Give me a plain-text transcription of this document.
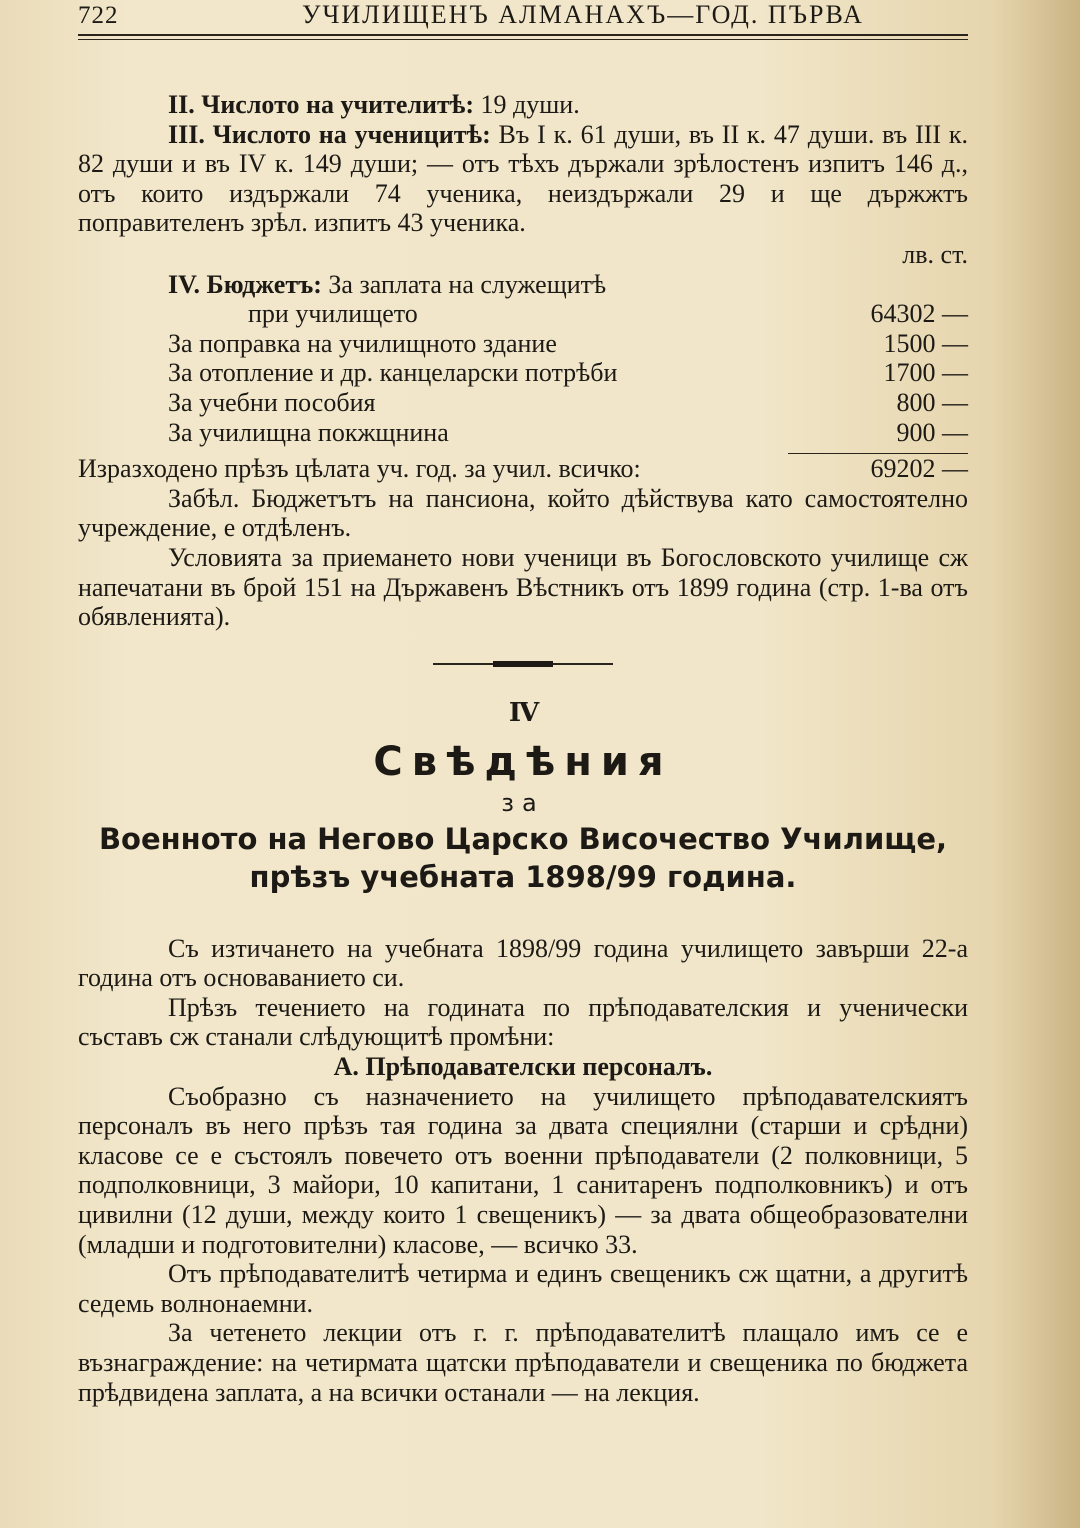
722	УЧИЛИЩЕНЪ АЛМАНАХЪ—ГОД. ПЪРВА

II. Числото на учителитѣ: 19 души.

III. Числото на ученицитѣ: Въ I к. 61 души, въ II к. 47 души. въ III к. 82 души и въ IV к. 149 души; — отъ тѣхъ държали зрѣлостенъ изпитъ 146 д., отъ които издържали 74 ученика, неиздържали 29 и ще държжтъ поправителенъ зрѣл. изпитъ 43 ученика.

лв. ст.
IV. Бюджетъ: За заплата на служещитѣ
при училището	64302 —
За поправка на училищното здание	1500 —
За отопление и др. канцеларски потрѣби	1700 —
За учебни пособия	800 —
За училищна покжщнина	900 —
Изразходено прѣзъ цѣлата уч. год. за учил. всичко:	69202 —

Забѣл. Бюджетътъ на пансиона, който дѣйствува като самостоятелно учреждение, е отдѣленъ.

Условията за приемането нови ученици въ Богословското училище сж напечатани въ брой 151 на Държавенъ Вѣстникъ отъ 1899 година (стр. 1-ва отъ обявленията).

IV
Свѣдѣния
за
Военното на Негово Царско Височество Училище,
прѣзъ учебната 1898/99 година.

Съ изтичането на учебната 1898/99 година училището завърши 22-а година отъ основаванието си.

Прѣзъ течението на годината по прѣподавателския и ученически съставъ сж станали слѣдующитѣ промѣни:

А. Прѣподавателски персоналъ.

Съобразно съ назначението на училището прѣподавателскиятъ персоналъ въ него прѣзъ тая година за двата специялни (старши и срѣдни) класове се е състоялъ повечето отъ военни прѣподаватели (2 полковници, 5 подполковници, 3 майори, 10 капитани, 1 санитаренъ подполковникъ) и отъ цивилни (12 души, между които 1 свещеникъ) — за двата общеобразователни (младши и подготовителни) класове, — всичко 33.

Отъ прѣподавателитѣ четирма и единъ свещеникъ сж щатни, а другитѣ седемь волнонаемни.

За четенето лекции отъ г. г. прѣподавателитѣ плащало имъ се е възнаграждение: на четирмата щатски прѣподаватели и свещеника по бюджета прѣдвидена заплата, а на всички останали — на лекция.
